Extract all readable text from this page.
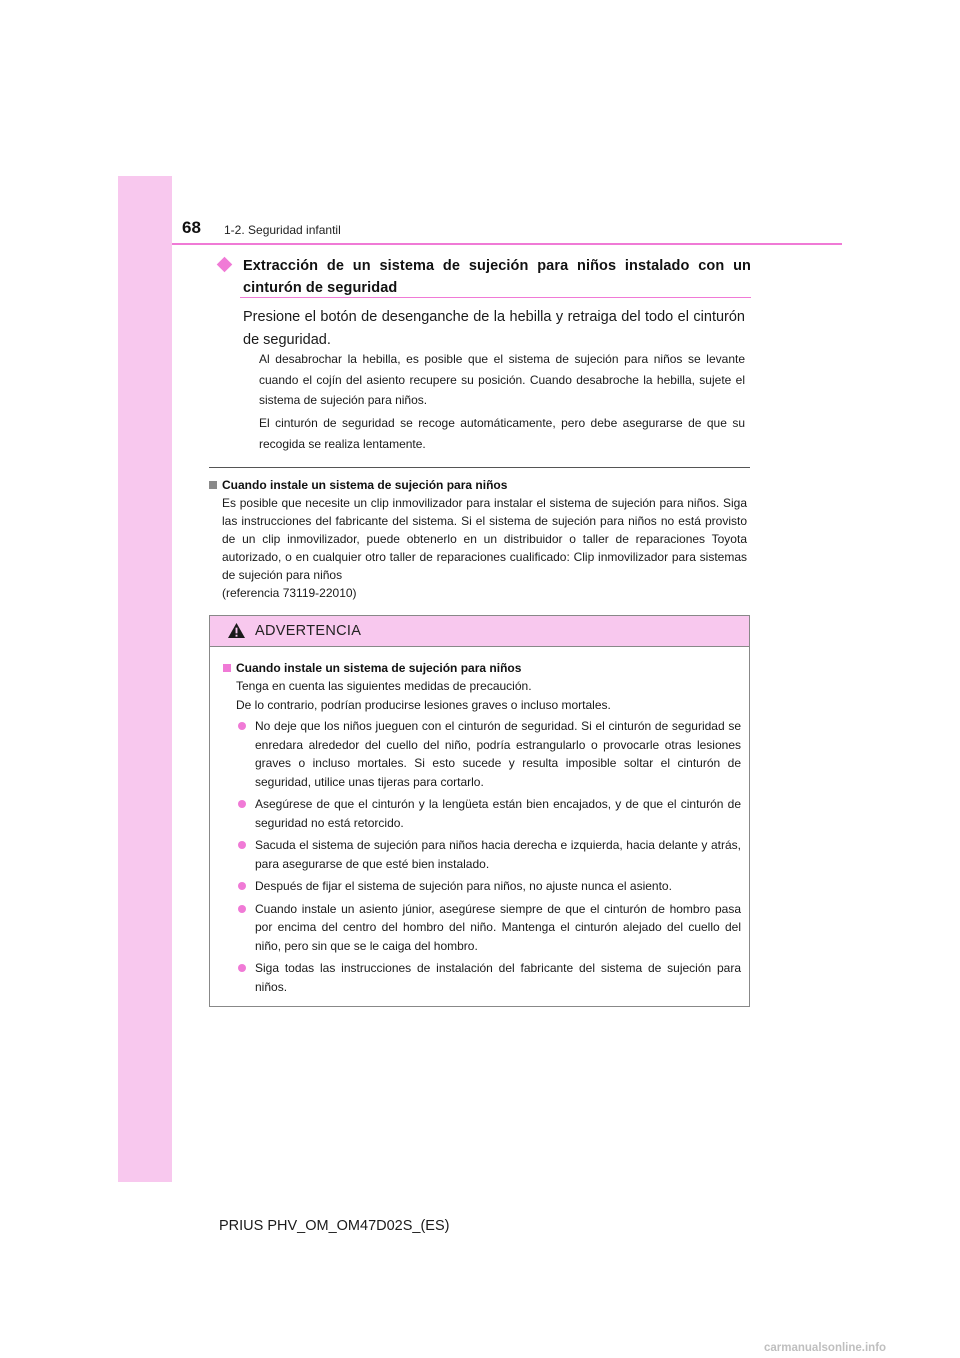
68 1-2. Seguridad infantil
Extracción de un sistema de sujeción para niños instalado con un cinturón de seguridad
Presione el botón de desenganche de la hebilla y retraiga del todo el cinturón de seguridad.
Al desabrochar la hebilla, es posible que el sistema de sujeción para niños se levante cuando el cojín del asiento recupere su posición. Cuando desabroche la hebilla, sujete el sistema de sujeción para niños.
El cinturón de seguridad se recoge automáticamente, pero debe asegurarse de que su recogida se realiza lentamente.
Cuando instale un sistema de sujeción para niños
Es posible que necesite un clip inmovilizador para instalar el sistema de sujeción para niños. Siga las instrucciones del fabricante del sistema. Si el sistema de sujeción para niños no está provisto de un clip inmovilizador, puede obtenerlo en un distribuidor o taller de reparaciones Toyota autorizado, o en cualquier otro taller de reparaciones cualificado: Clip inmovilizador para sistemas de sujeción para niños
(referencia 73119-22010)
ADVERTENCIA
Cuando instale un sistema de sujeción para niños
Tenga en cuenta las siguientes medidas de precaución.
De lo contrario, podrían producirse lesiones graves o incluso mortales.
No deje que los niños jueguen con el cinturón de seguridad. Si el cinturón de seguridad se enredara alrededor del cuello del niño, podría estrangularlo o provocarle otras lesiones graves o incluso mortales. Si esto sucede y resulta imposible soltar el cinturón de seguridad, utilice unas tijeras para cortarlo.
Asegúrese de que el cinturón y la lengüeta están bien encajados, y de que el cinturón de seguridad no está retorcido.
Sacuda el sistema de sujeción para niños hacia derecha e izquierda, hacia delante y atrás, para asegurarse de que esté bien instalado.
Después de fijar el sistema de sujeción para niños, no ajuste nunca el asiento.
Cuando instale un asiento júnior, asegúrese siempre de que el cinturón de hombro pasa por encima del centro del hombro del niño. Mantenga el cinturón alejado del cuello del niño, pero sin que se le caiga del hombro.
Siga todas las instrucciones de instalación del fabricante del sistema de sujeción para niños.
PRIUS PHV_OM_OM47D02S_(ES)
carmanualsonline.info
